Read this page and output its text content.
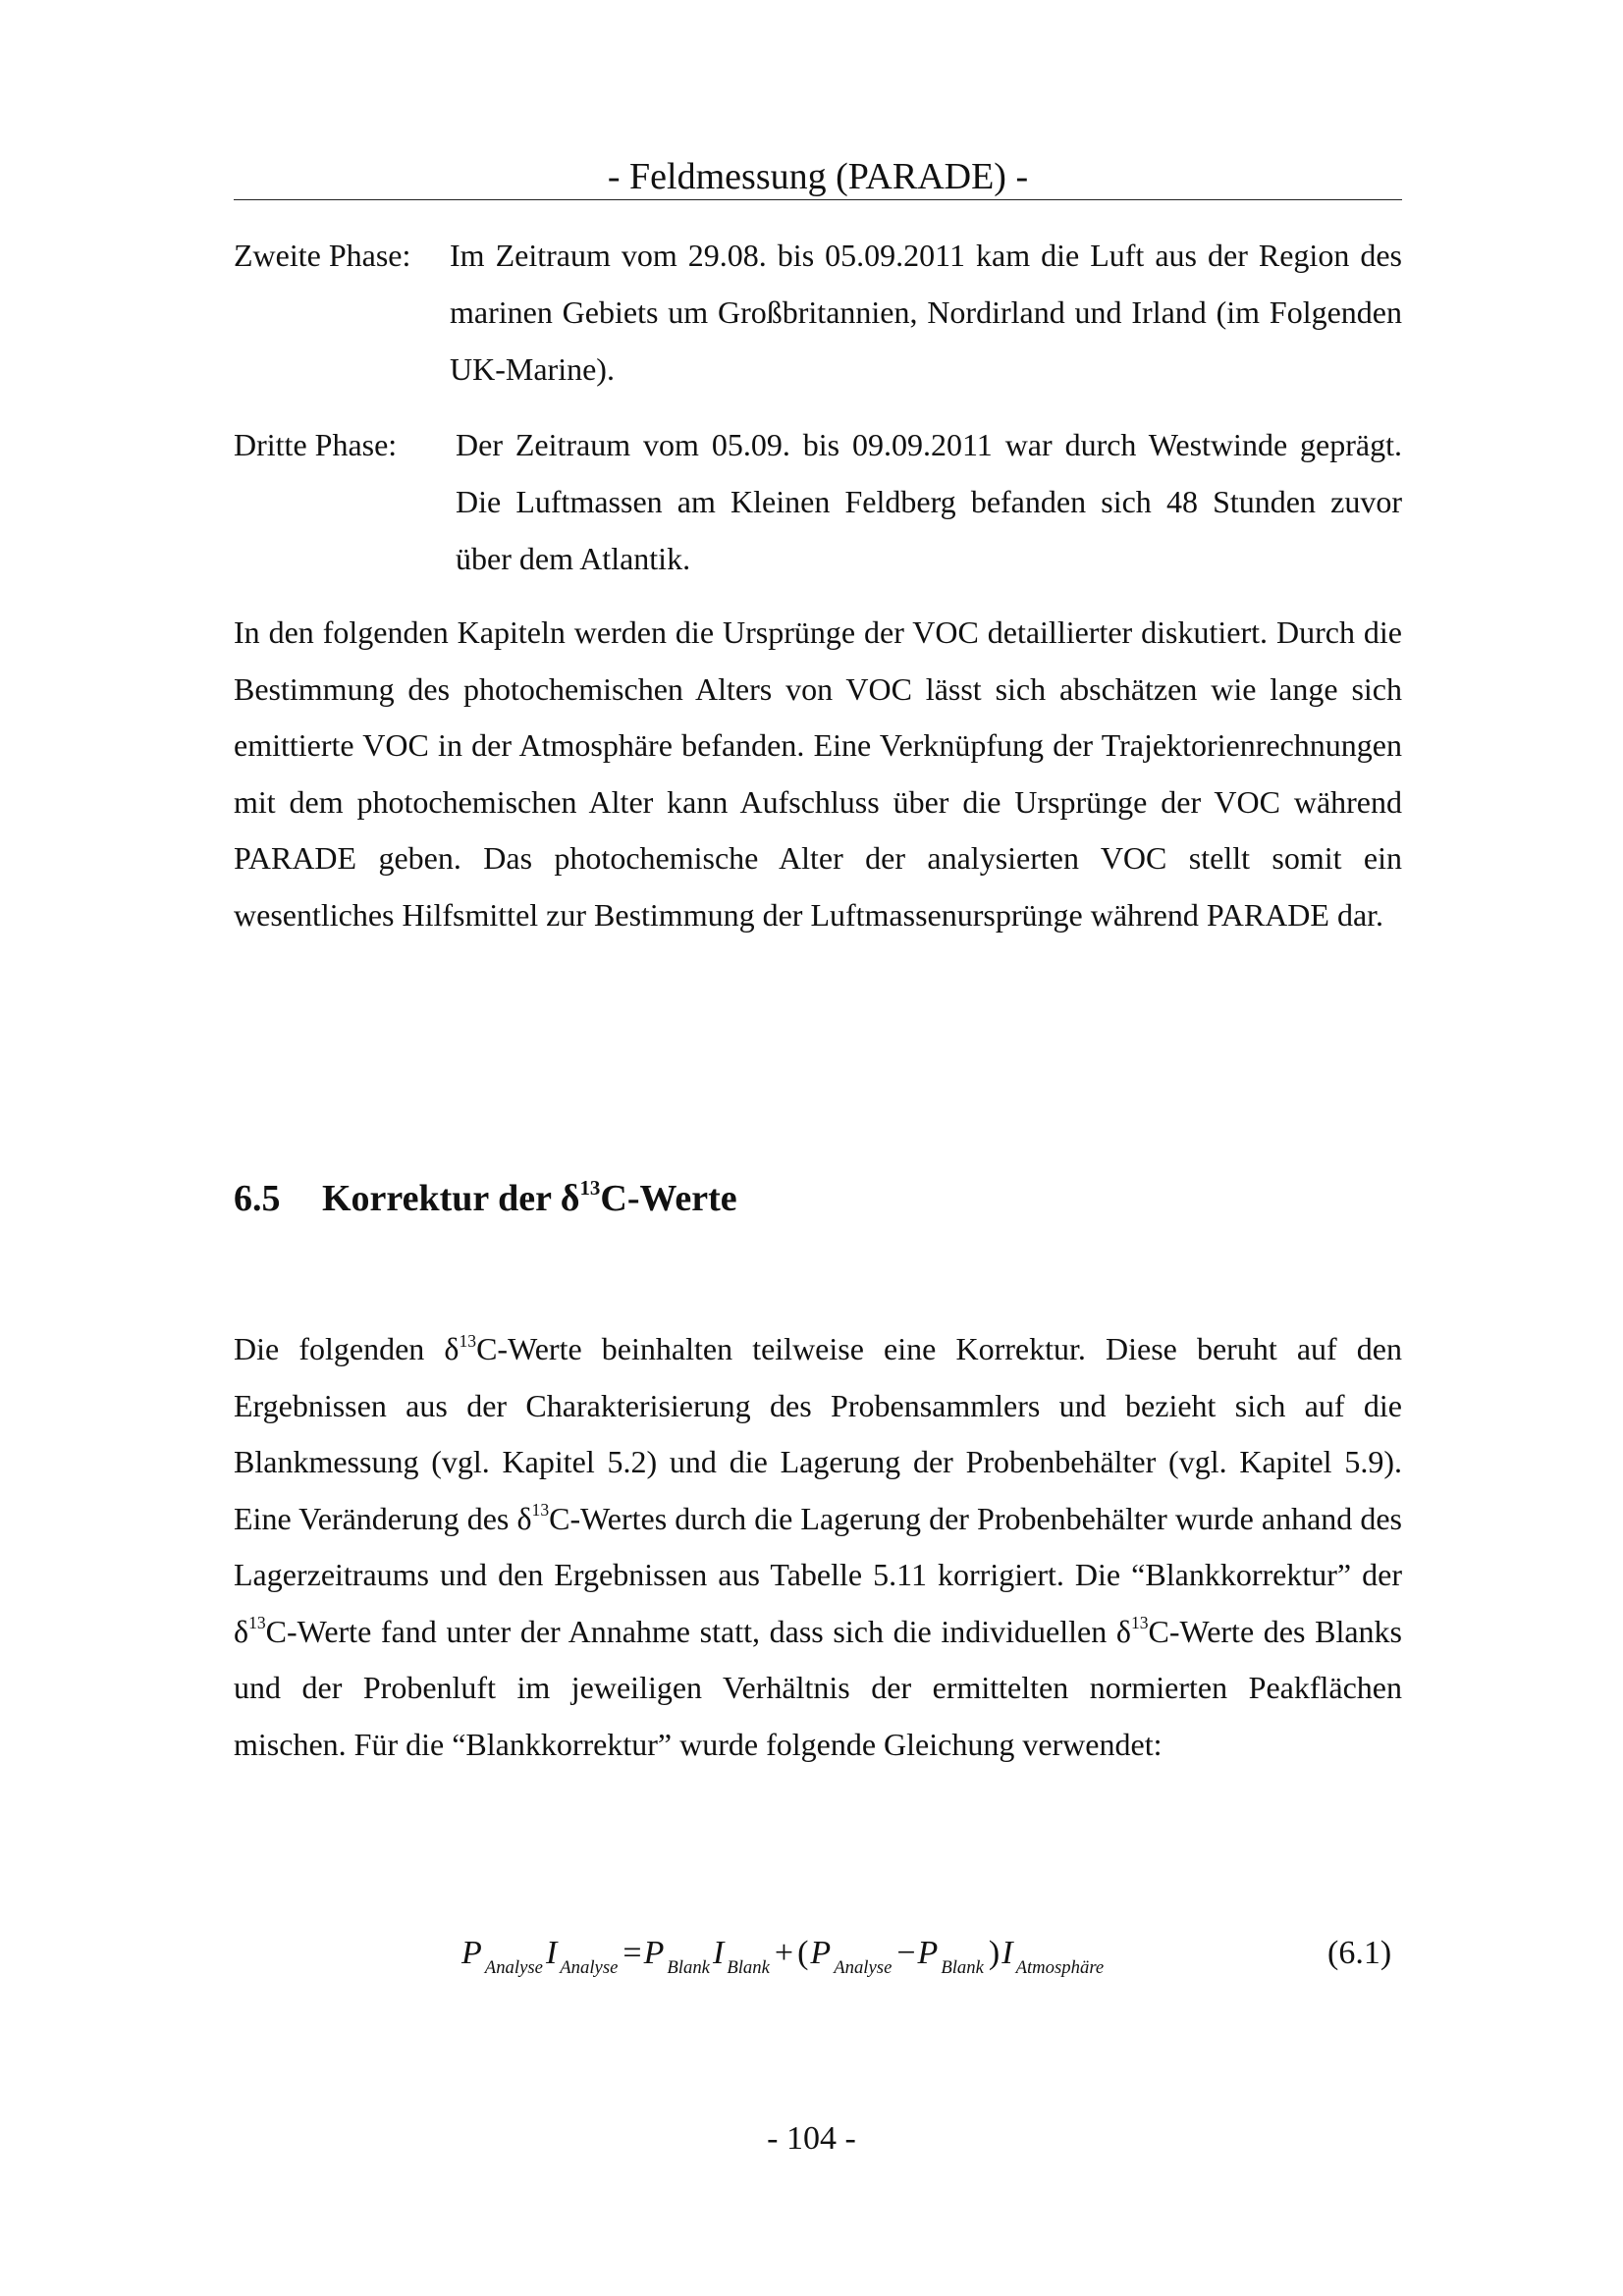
- Feldmessung (PARADE) -
Zweite Phase: Im Zeitraum vom 29.08. bis 05.09.2011 kam die Luft aus der Region des marinen Gebiets um Großbritannien, Nordirland und Irland (im Folgenden UK-Marine).
Dritte Phase: Der Zeitraum vom 05.09. bis 09.09.2011 war durch Westwinde geprägt. Die Luftmassen am Kleinen Feldberg befanden sich 48 Stunden zuvor über dem Atlantik.

In den folgenden Kapiteln werden die Ursprünge der VOC detaillierter diskutiert. Durch die Bestimmung des photochemischen Alters von VOC lässt sich abschätzen wie lange sich emittierte VOC in der Atmosphäre befanden. Eine Verknüpfung der Trajektorienrechnungen mit dem photochemischen Alter kann Aufschluss über die Ursprünge der VOC während PARADE geben. Das photochemische Alter der analysierten VOC stellt somit ein wesentliches Hilfsmittel zur Bestimmung der Luftmassenursprünge während PARADE dar.

6.5 Korrektur der $\delta^{13}C$-Werte

Die folgenden $\delta^{13}C$-Werte beinhalten teilweise eine Korrektur. Diese beruht auf den Ergebnissen aus der Charakterisierung des Probensammlers und bezieht sich auf die Blankmessung (vgl. Kapitel 5.2) und die Lagerung der Probenbehälter (vgl. Kapitel 5.9). Eine Veränderung des $\delta^{13}C$-Wertes durch die Lagerung der Probenbehälter wurde anhand des Lagerzeitraums und den Ergebnissen aus Tabelle 5.11 korrigiert. Die “Blankkorrektur” der $\delta^{13}C$-Werte fand unter der Annahme statt, dass sich die individuellen $\delta^{13}C$-Werte des Blanks und der Probenluft im jeweiligen Verhältnis der ermittelten normierten Peakflächen mischen. Für die “Blankkorrektur” wurde folgende Gleichung verwendet:

P $_{Analyse}$I $_{Analyse}$ =P $_{Blank}$I $_{Blank}$ + (P $_{Analyse}$ −P $_{Blank}$ )I $_{Atmosphäre}$	(6.1)
- 104 -
